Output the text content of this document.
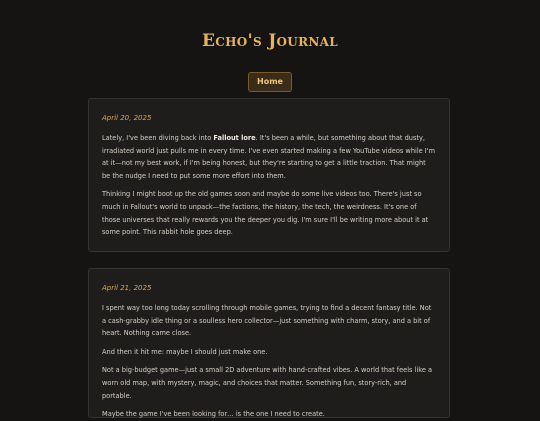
Echo's Journal
Home
April 20, 2025

Lately, I've been diving back into Fallout lore. It's been a while, but something about that dusty, irradiated world just pulls me in every time. I've even started making a few YouTube videos while I'm at it—not my best work, if I'm being honest, but they're starting to get a little traction. That might be the nudge I need to put some more effort into them.

Thinking I might boot up the old games soon and maybe do some live videos too. There's just so much in Fallout's world to unpack—the factions, the history, the tech, the weirdness. It's one of those universes that really rewards you the deeper you dig. I'm sure I'll be writing more about it at some point. This rabbit hole goes deep.

April 21, 2025

I spent way too long today scrolling through mobile games, trying to find a decent fantasy title. Not a cash-grabby idle thing or a soulless hero collector—just something with charm, story, and a bit of heart. Nothing came close.

And then it hit me: maybe I should just make one.

Not a big-budget game—just a small 2D adventure with hand-crafted vibes. A world that feels like a worn old map, with mystery, magic, and choices that matter. Something fun, story-rich, and portable.

Maybe the game I've been looking for… is the one I need to create.
